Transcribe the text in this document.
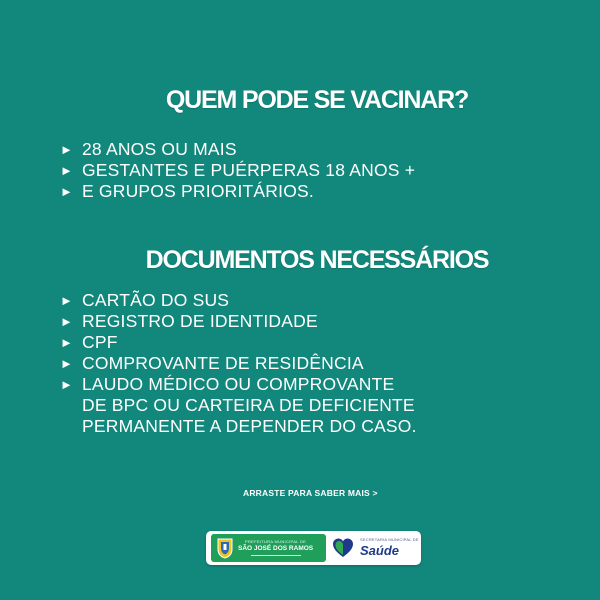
QUEM PODE SE VACINAR?
► 28 ANOS OU MAIS
► GESTANTES E PUÉRPERAS 18 ANOS +
► E GRUPOS PRIORITÁRIOS.
DOCUMENTOS NECESSÁRIOS
► CARTÃO DO SUS
► REGISTRO DE IDENTIDADE
► CPF
► COMPROVANTE DE RESIDÊNCIA
► LAUDO MÉDICO OU COMPROVANTE
DE BPC OU CARTEIRA DE DEFICIENTE
PERMANENTE A DEPENDER DO CASO.
ARRASTE PARA SABER MAIS >
PREFEITURA MUNICIPAL DE
SÃO JOSÉ DOS RAMOS
SECRETARIA MUNICIPAL DE
Saúde
